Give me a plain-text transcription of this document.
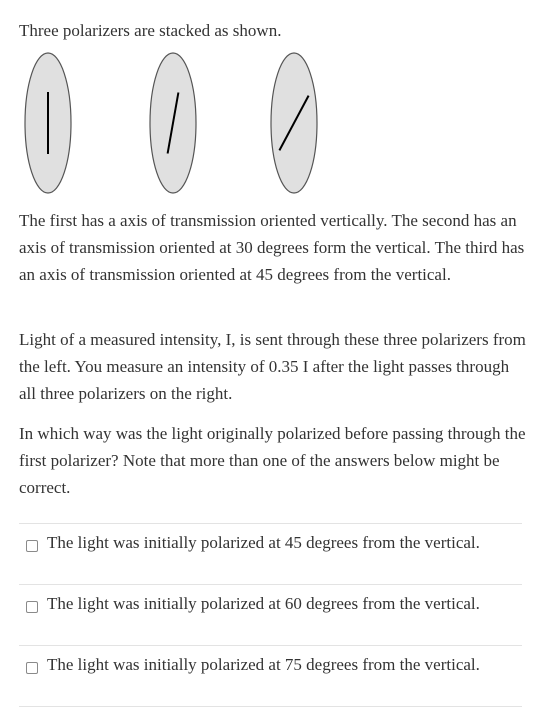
Three polarizers are stacked as shown.

The first has a axis of transmission oriented vertically. The second has an axis of transmission oriented at 30 degrees form the vertical. The third has an axis of transmission oriented at 45 degrees from the vertical.

Light of a measured intensity, I, is sent through these three polarizers from the left. You measure an intensity of 0.35 I after the light passes through all three polarizers on the right.

In which way was the light originally polarized before passing through the first polarizer? Note that more than one of the answers below might be correct.

The light was initially polarized at 45 degrees from the vertical.
The light was initially polarized at 60 degrees from the vertical.
The light was initially polarized at 75 degrees from the vertical.
